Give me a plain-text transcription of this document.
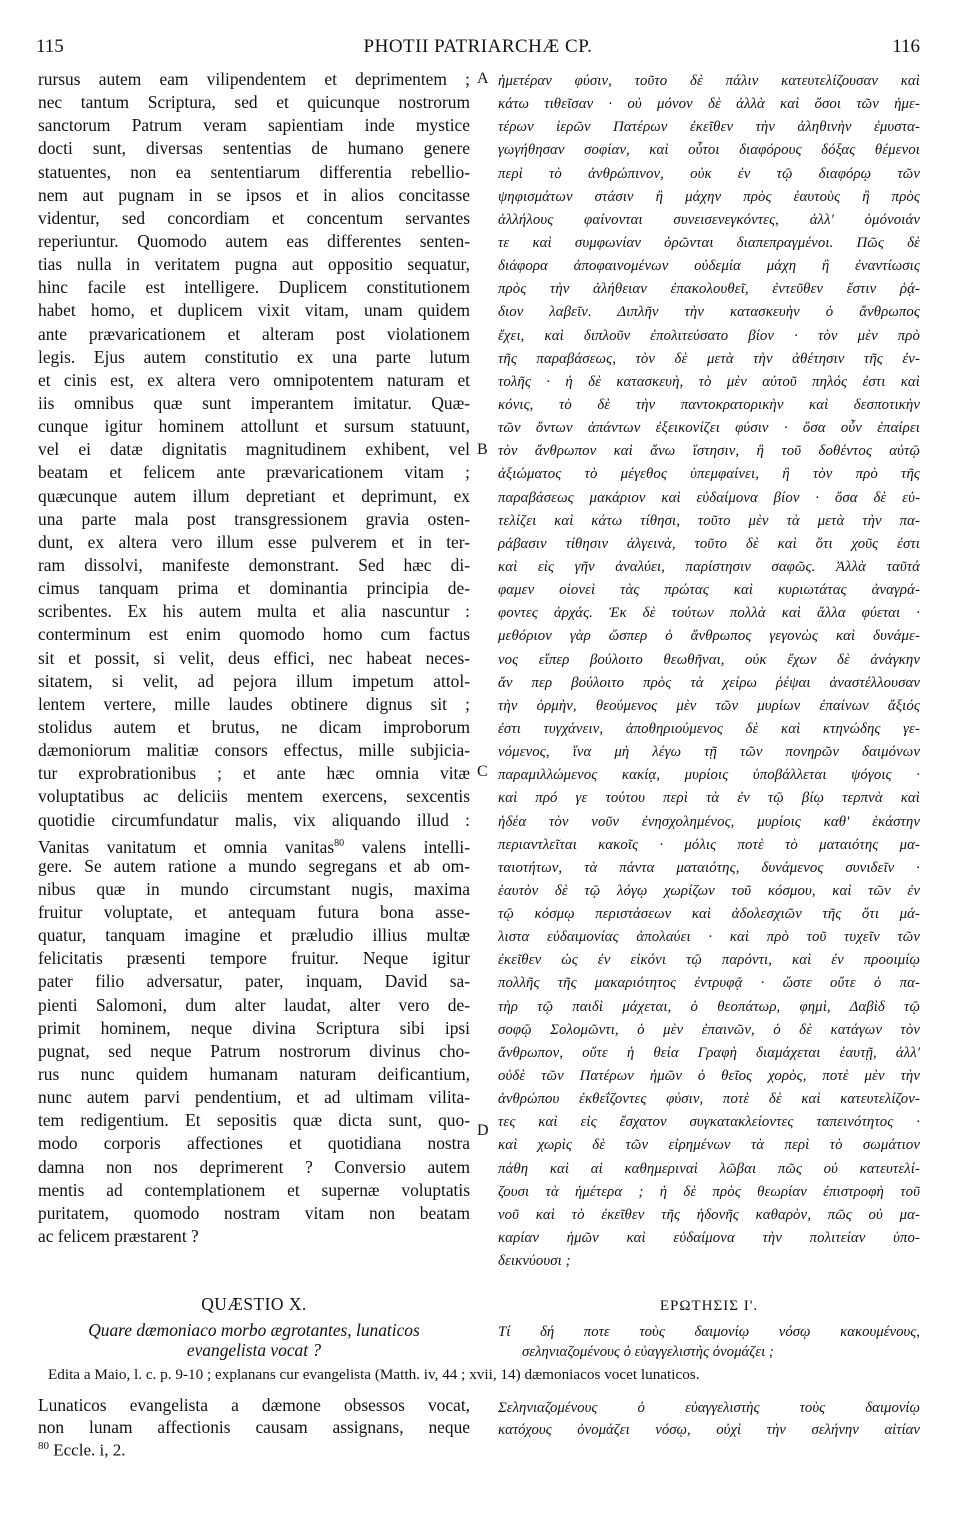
115	PHOTII PATRIARCHÆ CP.	116
rursus autem eam vilipendentem et deprimentem ;
nec tantum Scriptura, sed et quicunque nostrorum
sanctorum Patrum veram sapientiam inde mystice
docti sunt, diversas sententias de humano genere
statuentes, non ea sententiarum differentia rebellio-
nem aut pugnam in se ipsos et in alios concitasse
videntur, sed concordiam et concentum servantes
reperiuntur. Quomodo autem eas differentes senten-
tias nulla in veritatem pugna aut oppositio sequatur,
hinc facile est intelligere. Duplicem constitutionem
habet homo, et duplicem vixit vitam, unam quidem
ante prævaricationem et alteram post violationem
legis. Ejus autem constitutio ex una parte lutum
et cinis est, ex altera vero omnipotentem naturam et
iis omnibus quæ sunt imperantem imitatur. Quæ-
cunque igitur hominem attollunt et sursum statuunt,
vel ei datæ dignitatis magnitudinem exhibent, vel
beatam et felicem ante prævaricationem vitam ;
quæcunque autem illum depretiant et deprimunt, ex
una parte mala post transgressionem gravia osten-
dunt, ex altera vero illum esse pulverem et in ter-
ram dissolvi, manifeste demonstrant. Sed hæc di-
cimus tanquam prima et dominantia principia de-
scribentes. Ex his autem multa et alia nascuntur :
conterminum est enim quomodo homo cum factus
sit et possit, si velit, deus effici, nec habeat neces-
sitatem, si velit, ad pejora illum impetum attol-
lentem vertere, mille laudes obtinere dignus sit ;
stolidus autem et brutus, ne dicam improborum
dæmoniorum malitiæ consors effectus, mille subjicia-
tur exprobrationibus ; et ante hæc omnia vitæ
voluptatibus ac deliciis mentem exercens, sexcentis
quotidie circumfundatur malis, vix aliquando illud :
Vanitas vanitatum et omnia vanitas$^{80}$ valens intelli-
gere. Se autem ratione a mundo segregans et ab om-
nibus quæ in mundo circumstant nugis, maxima
fruitur voluptate, et antequam futura bona asse-
quatur, tanquam imagine et præludio illius multæ
felicitatis præsenti tempore fruitur. Neque igitur
pater filio adversatur, pater, inquam, David sa-
pienti Salomoni, dum alter laudat, alter vero de-
primit hominem, neque divina Scriptura sibi ipsi
pugnat, sed neque Patrum nostrorum divinus cho-
rus nunc quidem humanam naturam deificantium,
nunc autem parvi pendentium, et ad ultimam vilita-
tem redigentium. Et sepositis quæ dicta sunt, quo-
modo corporis affectiones et quotidiana nostra
damna non nos deprimerent ? Conversio autem
mentis ad contemplationem et supernæ voluptatis
puritatem, quomodo nostram vitam non beatam
ac felicem præstarent ?
ἡμετέραν φύσιν, τοῦτο δὲ πάλιν κατευτελίζουσαν καὶ
κάτω τιθεῖσαν · οὐ μόνον δὲ ἀλλὰ καὶ ὅσοι τῶν ἡμε-
τέρων ἱερῶν Πατέρων ἐκεῖθεν τὴν ἀληθινὴν ἐμυστα-
γωγήθησαν σοφίαν, καὶ οὗτοι διαφόρους δόξας θέμενοι
περὶ τὸ ἀνθρώπινον, οὐκ ἐν τῷ διαφόρῳ τῶν
ψηφισμάτων στάσιν ἢ μάχην πρὸς ἑαυτοὺς ἢ πρὸς
ἀλλήλους φαίνονται συνεισενεγκόντες, ἀλλ' ὁμόνοιάν
τε καὶ συμφωνίαν ὁρῶνται διαπεπραγμένοι. Πῶς δὲ
διάφορα ἀποφαινομένων οὐδεμία μάχη ἢ ἐναντίωσις
πρὸς τὴν ἀλήθειαν ἐπακολουθεῖ, ἐντεῦθεν ἔστιν ῥᾴ-
διον λαβεῖν. Διπλῆν τὴν κατασκευὴν ὁ ἄνθρωπος
ἔχει, καὶ διπλοῦν ἐπολιτεύσατο βίον · τὸν μὲν πρὸ
τῆς παραβάσεως, τὸν δὲ μετὰ τὴν ἀθέτησιν τῆς ἐν-
τολῆς · ἡ δὲ κατασκευὴ, τὸ μὲν αὐτοῦ πηλός ἐστι καὶ
κόνις, τὸ δὲ τὴν παντοκρατορικὴν καὶ δεσποτικὴν
τῶν ὄντων ἁπάντων ἐξεικονίζει φύσιν · ὅσα οὖν ἐπαίρει
τὸν ἄνθρωπον καὶ ἄνω ἵστησιν, ἢ τοῦ δοθέντος αὐτῷ
ἀξιώματος τὸ μέγεθος ὑπεμφαίνει, ἢ τὸν πρὸ τῆς
παραβάσεως μακάριον καὶ εὐδαίμονα βίον · ὅσα δὲ εὐ-
τελίζει καὶ κάτω τίθησι, τοῦτο μὲν τὰ μετὰ τὴν πα-
ράβασιν τίθησιν ἀλγεινὰ, τοῦτο δὲ καὶ ὅτι χοῦς ἐστι
καὶ εἰς γῆν ἀναλύει, παρίστησιν σαφῶς. Ἀλλὰ ταῦτά
φαμεν οἱονεὶ τὰς πρώτας καὶ κυριωτάτας ἀναγρά-
φοντες ἀρχάς. Ἐκ δὲ τούτων πολλὰ καὶ ἄλλα φύεται ·
μεθόριον γὰρ ὥσπερ ὁ ἄνθρωπος γεγονὼς καὶ δυνάμε-
νος εἴπερ βούλοιτο θεωθῆναι, οὐκ ἔχων δὲ ἀνάγκην
ἄν περ βούλοιτο πρὸς τὰ χείρω ῥέψαι ἀναστέλλουσαν
τὴν ὁρμὴν, θεούμενος μὲν τῶν μυρίων ἐπαίνων ἄξιός
ἐστι τυγχάνειν, ἀποθηριούμενος δὲ καὶ κτηνώδης γε-
νόμενος, ἵνα μὴ λέγω τῇ τῶν πονηρῶν δαιμόνων
παραμιλλώμενος κακίᾳ, μυρίοις ὑποβάλλεται ψόγοις ·
καὶ πρό γε τούτου περὶ τὰ ἐν τῷ βίῳ τερπνὰ καὶ
ἡδέα τὸν νοῦν ἐνησχολημένος, μυρίοις καθ' ἑκάστην
περιαντλεῖται κακοῖς · μόλις ποτὲ τὸ ματαιότης μα-
ταιοτήτων, τὰ πάντα ματαιότης, δυνάμενος συνιδεῖν ·
ἑαυτὸν δὲ τῷ λόγῳ χωρίζων τοῦ κόσμου, καὶ τῶν ἐν
τῷ κόσμῳ περιστάσεων καὶ ἀδολεσχιῶν τῆς ὅτι μά-
λιστα εὐδαιμονίας ἀπολαύει · καὶ πρὸ τοῦ τυχεῖν τῶν
ἐκεῖθεν ὡς ἐν εἰκόνι τῷ παρόντι, καὶ ἐν προοιμίῳ
πολλῆς τῆς μακαριότητος ἐντρυφᾷ · ὥστε οὔτε ὁ πα-
τὴρ τῷ παιδὶ μάχεται, ὁ θεοπάτωρ, φημὶ, Δαβὶδ τῷ
σοφῷ Σολομῶντι, ὁ μὲν ἐπαινῶν, ὁ δὲ κατάγων τὸν
ἄνθρωπον, οὔτε ἡ θεία Γραφὴ διαμάχεται ἑαυτῇ, ἀλλ'
οὐδὲ τῶν Πατέρων ἡμῶν ὁ θεῖος χορὸς, ποτὲ μὲν τὴν
ἀνθρώπου ἐκθεΐζοντες φύσιν, ποτὲ δὲ καὶ κατευτελίζον-
τες καὶ εἰς ἔσχατον συγκατακλείοντες ταπεινότητος ·
καὶ χωρὶς δὲ τῶν εἰρημένων τὰ περὶ τὸ σωμάτιον
πάθη καὶ αἱ καθημεριναὶ λῶβαι πῶς οὐ κατευτελί-
ζουσι τὰ ἡμέτερα ; ἡ δὲ πρὸς θεωρίαν ἐπιστροφὴ τοῦ
νοῦ καὶ τὸ ἐκεῖθεν τῆς ἡδονῆς καθαρὸν, πῶς οὐ μα-
καρίαν ἡμῶν καὶ εὐδαίμονα τὴν πολιτείαν ὑπο-
δεικνύουσι ;
A
B
C
D
QUÆSTIO X.	ΕΡΩΤΗΣΙΣ Ι'.
Quare dæmoniaco morbo ægrotantes, lunaticos
evangelista vocat ?
Τί δή ποτε τοὺς δαιμονίῳ νόσῳ κακουμένους,
σεληνιαζομένους ὁ εὐαγγελιστὴς ὀνομάζει ;
Edita a Maio, l. c. p. 9-10 ; explanans cur evangelista (Matth. iv, 44 ; xvii, 14) dæmoniacos vocet lunaticos.
Lunaticos evangelista a dæmone obsessos vocat,
non lunam affectionis causam assignans, neque
Σεληνιαζομένους ὁ εὐαγγελιστὴς τοὺς δαιμονίῳ
κατόχους ὀνομάζει νόσῳ, οὐχὶ τὴν σελήνην αἰτίαν
$^{80}$ Eccle. i, 2.
